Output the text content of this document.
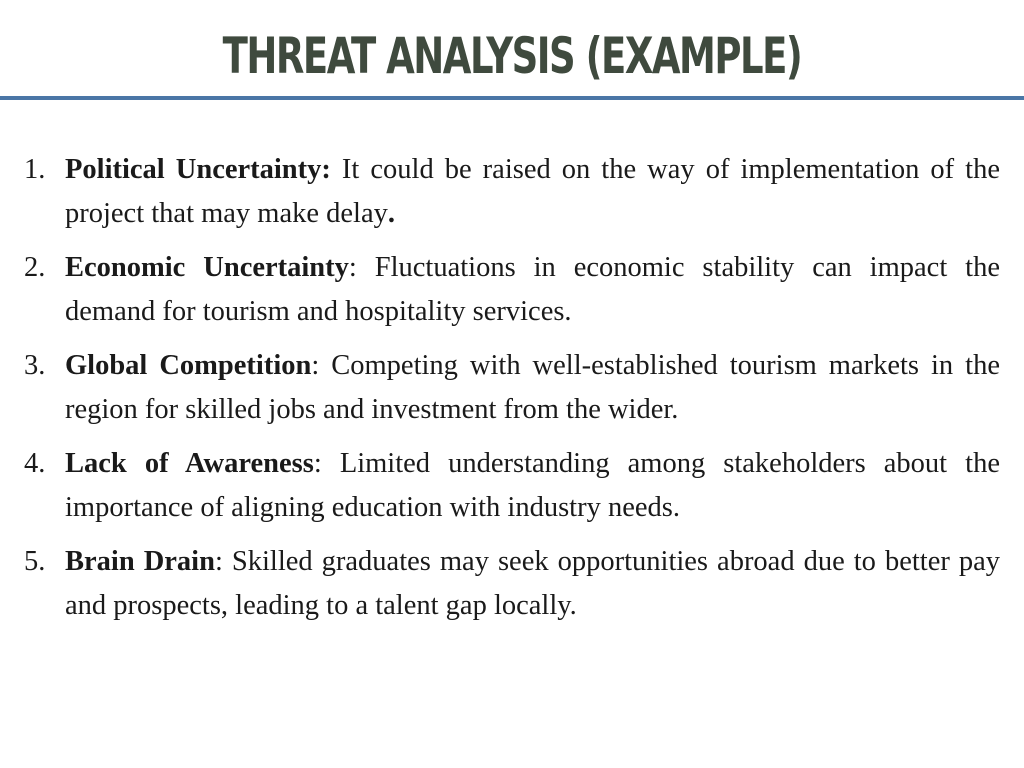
THREAT ANALYSIS (EXAMPLE)
1. Political Uncertainty: It could be raised on the way of implementation of the project that may make delay.
2. Economic Uncertainty: Fluctuations in economic stability can impact the demand for tourism and hospitality services.
3. Global Competition: Competing with well-established tourism markets in the region for skilled jobs and investment from the wider.
4. Lack of Awareness: Limited understanding among stakeholders about the importance of aligning education with industry needs.
5. Brain Drain: Skilled graduates may seek opportunities abroad due to better pay and prospects, leading to a talent gap locally.
